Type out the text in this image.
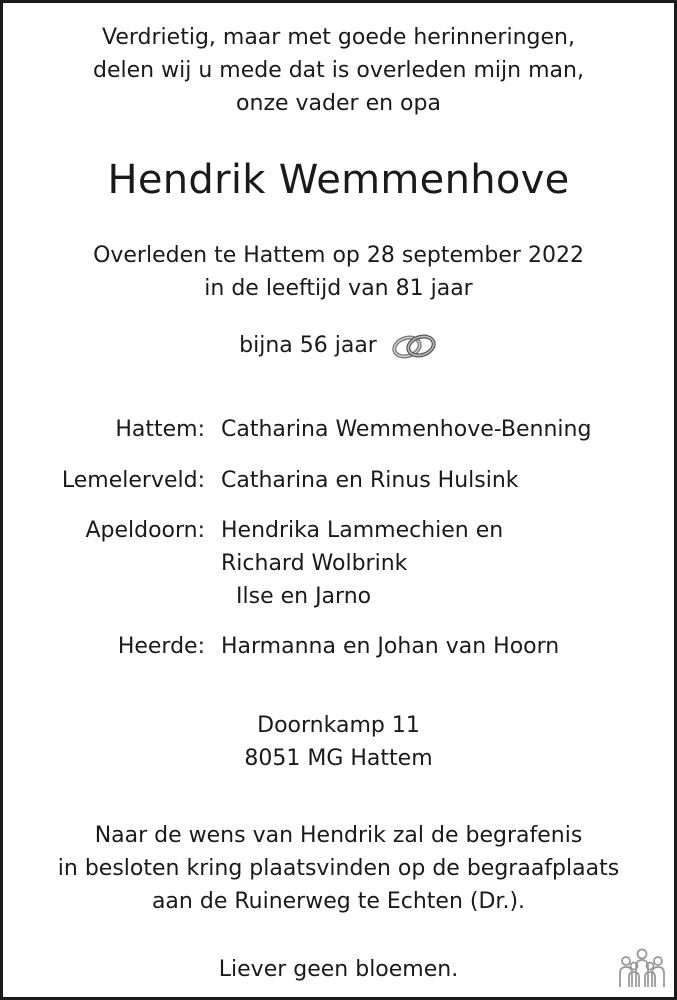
Verdrietig, maar met goede herinneringen,
delen wij u mede dat is overleden mijn man,
onze vader en opa
Hendrik Wemmenhove
Overleden te Hattem op 28 september 2022
in de leeftijd van 81 jaar
bijna 56 jaar
Hattem: Catharina Wemmenhove-Benning
Lemelerveld: Catharina en Rinus Hulsink
Apeldoorn: Hendrika Lammechien en
Richard Wolbrink
Ilse en Jarno
Heerde: Harmanna en Johan van Hoorn
Doornkamp 11
8051 MG Hattem
Naar de wens van Hendrik zal de begrafenis
in besloten kring plaatsvinden op de begraafplaats
aan de Ruinerweg te Echten (Dr.).
Liever geen bloemen.
